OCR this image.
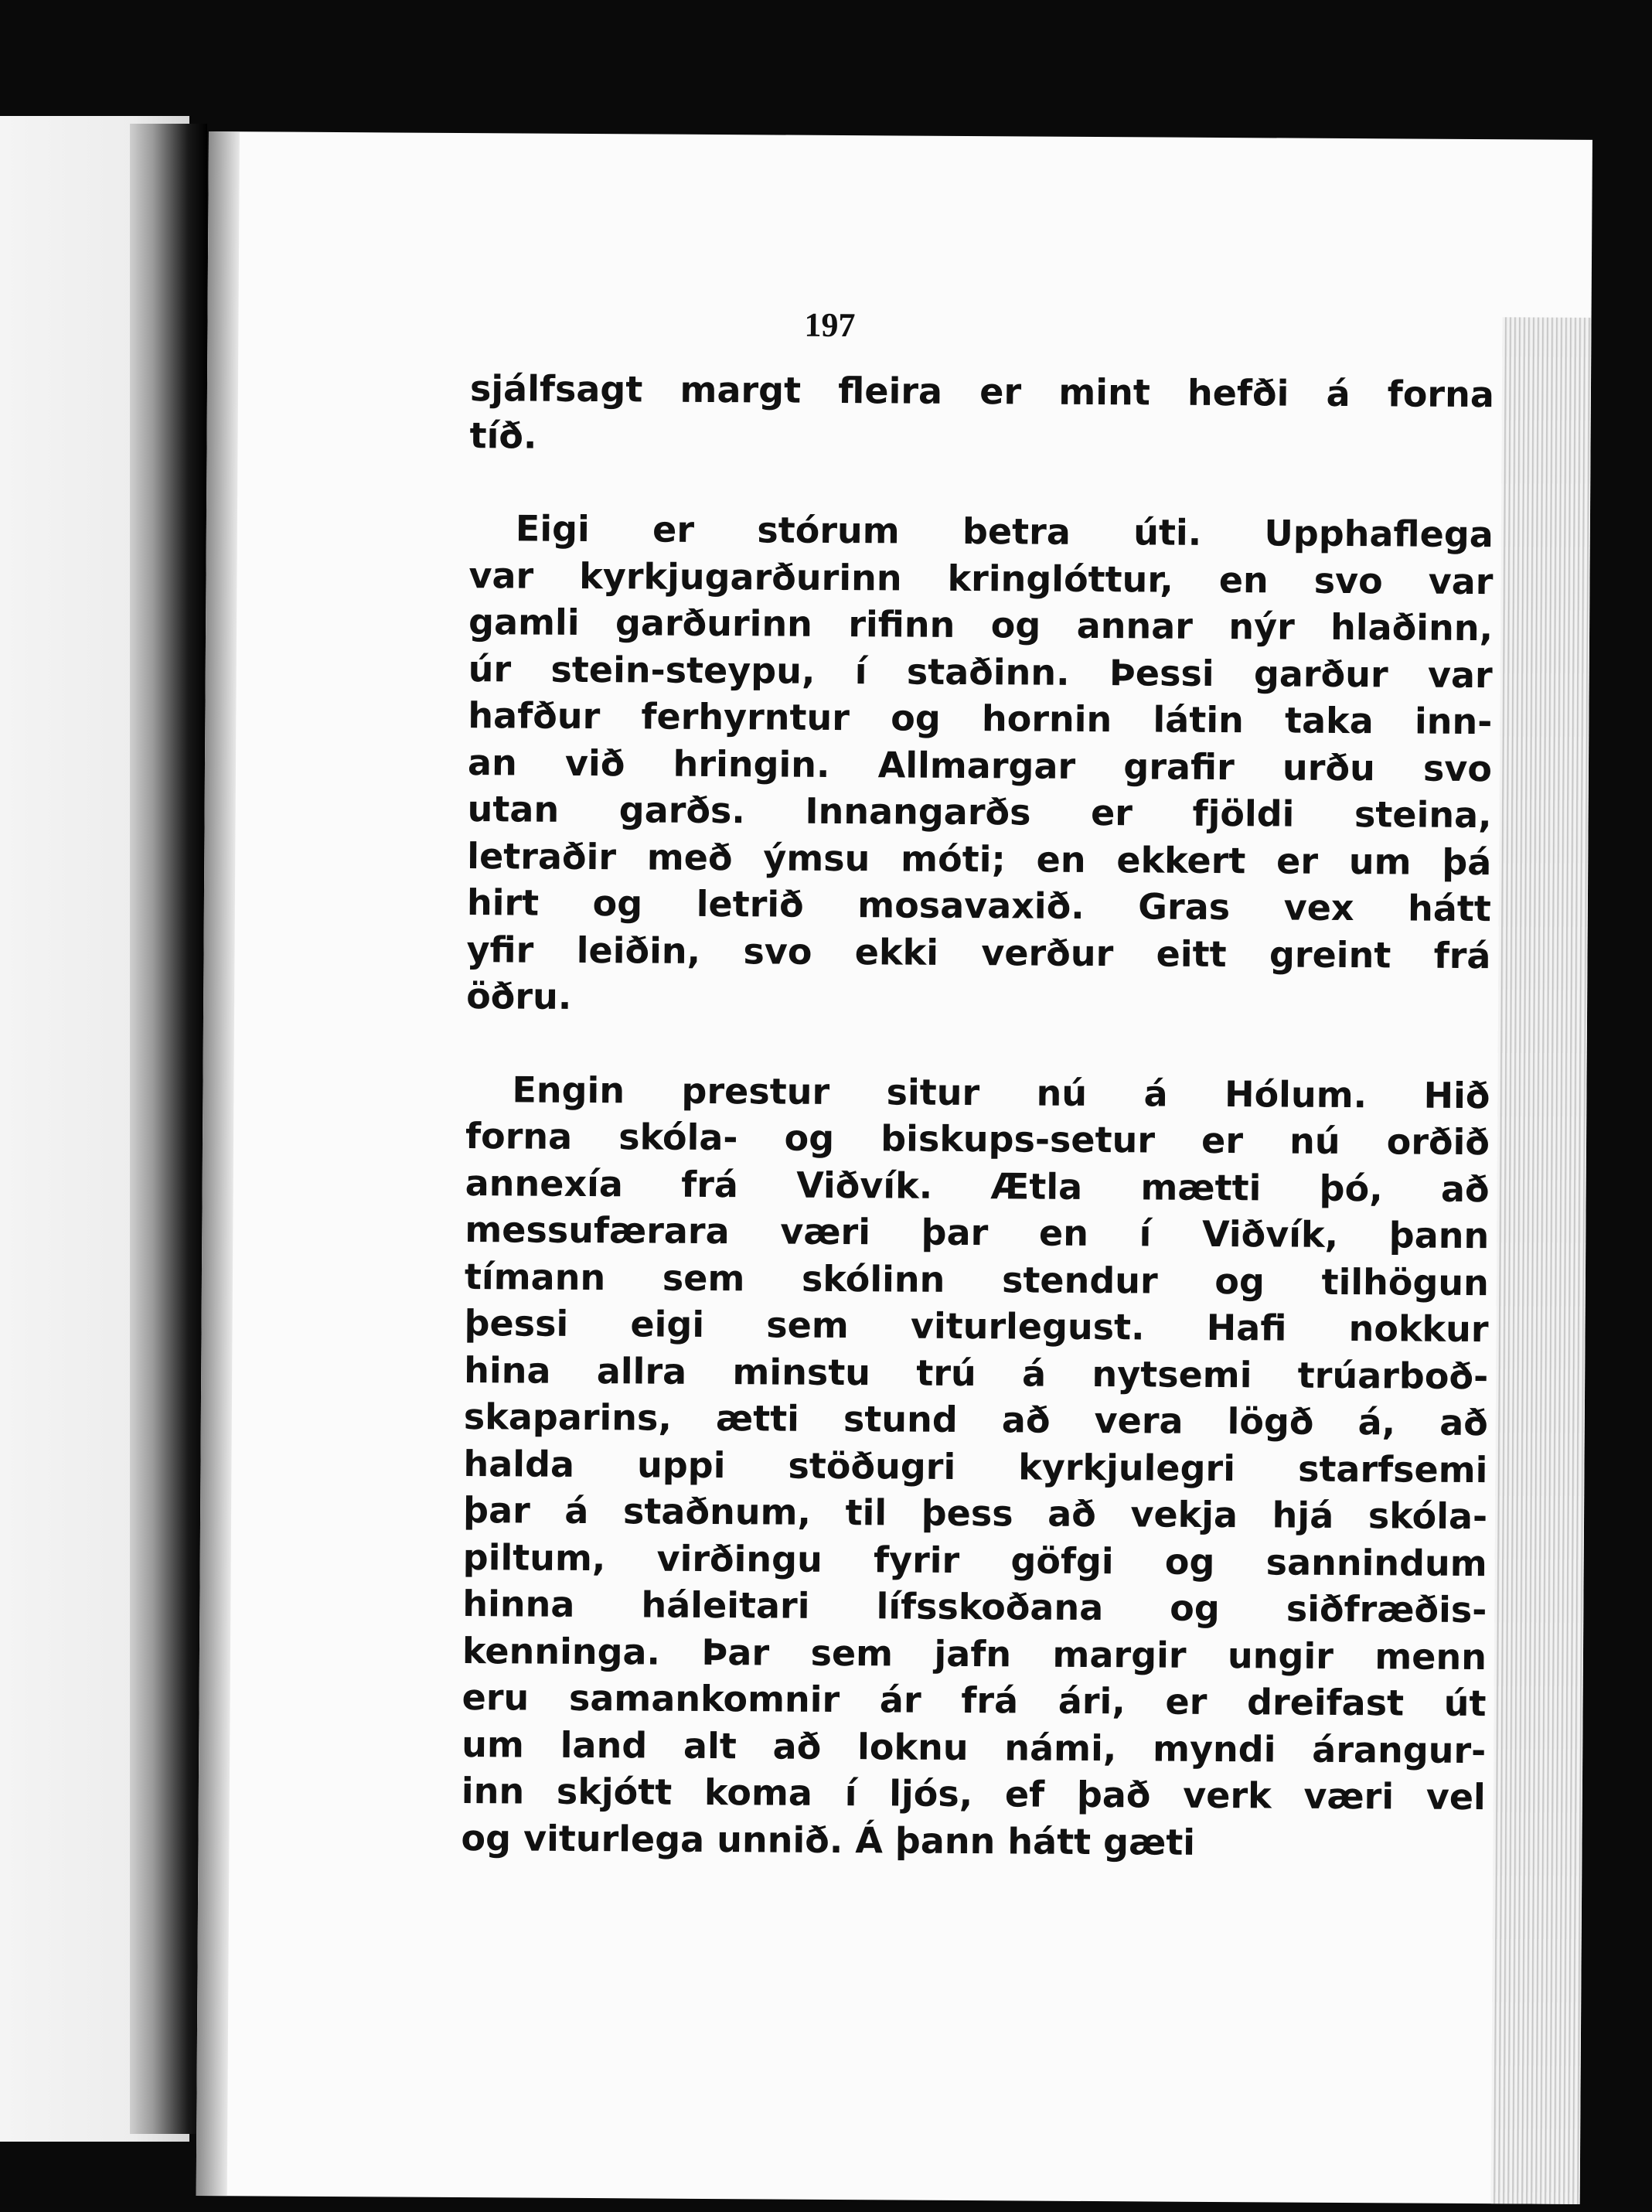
197
sjálfsagt margt fleira er mint hefði á forna
tíð.
Eigi er stórum betra úti. Upphaflega
var kyrkjugarðurinn kringlóttur, en svo var
gamli garðurinn rifinn og annar nýr hlaðinn,
úr stein-steypu, í staðinn. Þessi garður var
hafður ferhyrntur og hornin látin taka inn-
an við hringin. Allmargar grafir urðu svo
utan garðs. Innangarðs er fjöldi steina,
letraðir með ýmsu móti; en ekkert er um þá
hirt og letrið mosavaxið. Gras vex hátt
yfir leiðin, svo ekki verður eitt greint frá
öðru.
Engin prestur situr nú á Hólum. Hið
forna skóla- og biskups-setur er nú orðið
annexía frá Viðvík. Ætla mætti þó, að
messufærara væri þar en í Viðvík, þann
tímann sem skólinn stendur og tilhögun
þessi eigi sem viturlegust. Hafi nokkur
hina allra minstu trú á nytsemi trúarboð-
skaparins, ætti stund að vera lögð á, að
halda uppi stöðugri kyrkjulegri starfsemi
þar á staðnum, til þess að vekja hjá skóla-
piltum, virðingu fyrir göfgi og sannindum
hinna háleitari lífsskoðana og siðfræðis-
kenninga. Þar sem jafn margir ungir menn
eru samankomnir ár frá ári, er dreifast út
um land alt að loknu námi, myndi árangur-
inn skjótt koma í ljós, ef það verk væri vel
og viturlega unnið. Á þann hátt gæti
